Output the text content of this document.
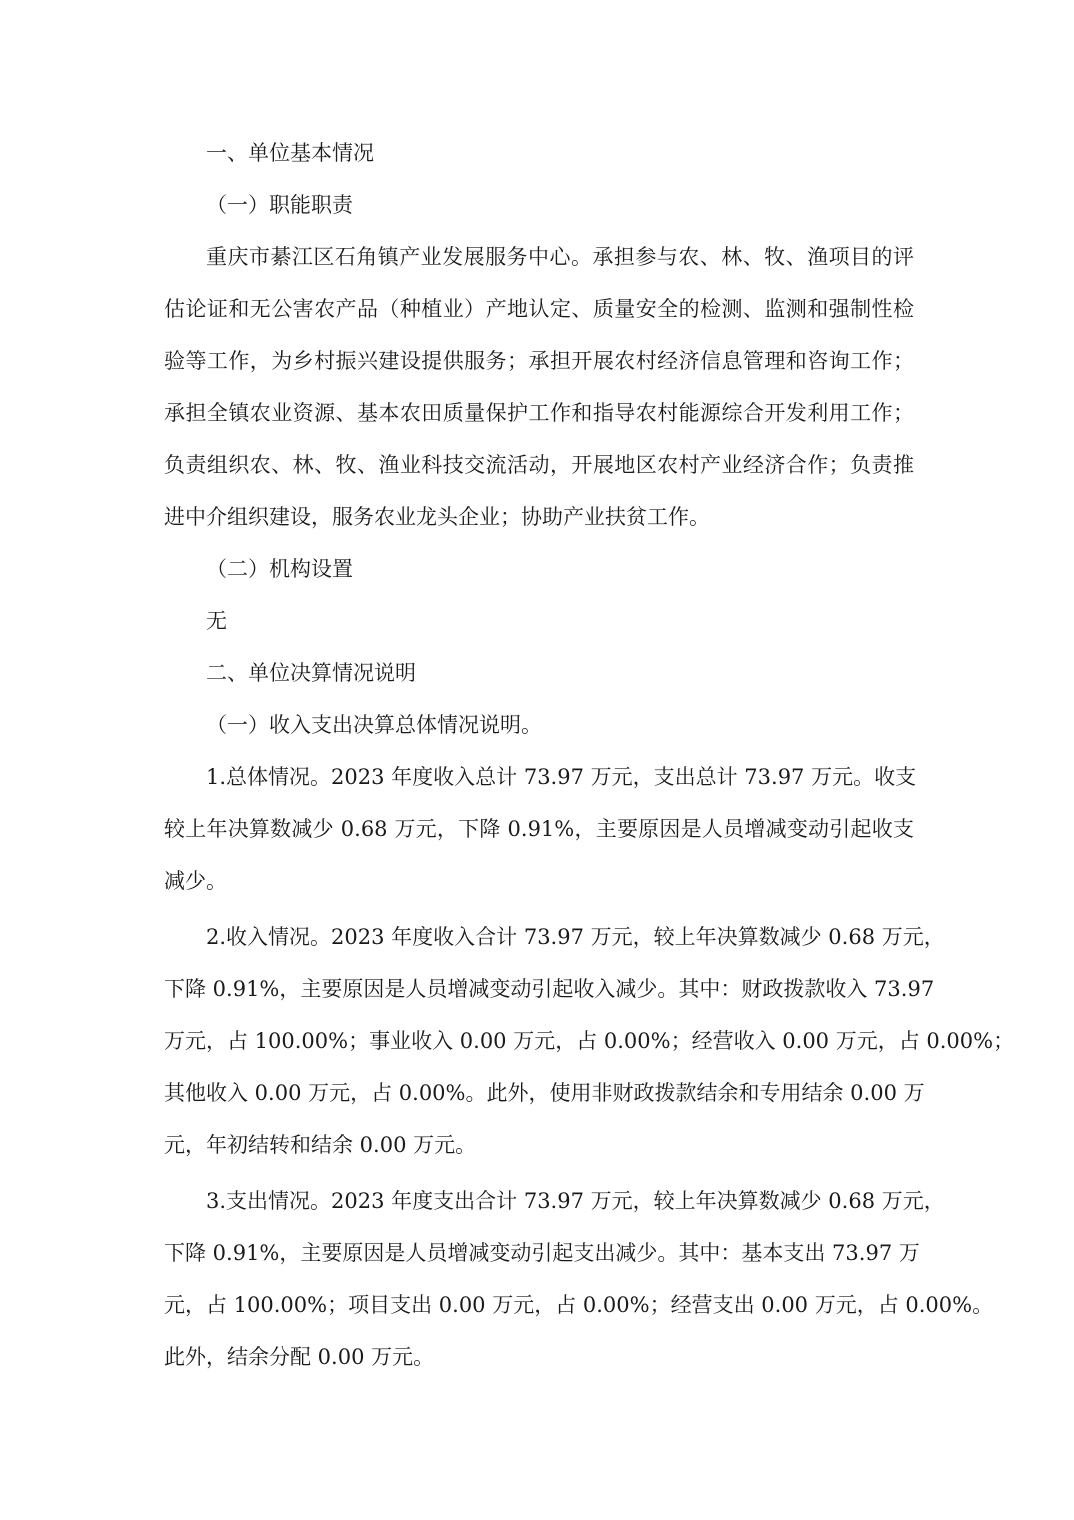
一、单位基本情况

（一）职能职责

重庆市綦江区石角镇产业发展服务中心。承担参与农、林、牧、渔项目的评

估论证和无公害农产品（种植业）产地认定、质量安全的检测、监测和强制性检

验等工作，为乡村振兴建设提供服务；承担开展农村经济信息管理和咨询工作；

承担全镇农业资源、基本农田质量保护工作和指导农村能源综合开发利用工作；

负责组织农、林、牧、渔业科技交流活动，开展地区农村产业经济合作；负责推

进中介组织建设，服务农业龙头企业；协助产业扶贫工作。

（二）机构设置

无

二、单位决算情况说明

（一）收入支出决算总体情况说明。

1.总体情况。2023 年度收入总计 73.97 万元，支出总计 73.97 万元。收支

较上年决算数减少 0.68 万元，下降 0.91%，主要原因是人员增减变动引起收支

减少。

2.收入情况。2023 年度收入合计 73.97 万元，较上年决算数减少 0.68 万元，

下降 0.91%，主要原因是人员增减变动引起收入减少。其中：财政拨款收入 73.97

万元，占 100.00%；事业收入 0.00 万元，占 0.00%；经营收入 0.00 万元，占 0.00%；

其他收入 0.00 万元，占 0.00%。此外，使用非财政拨款结余和专用结余 0.00 万

元，年初结转和结余 0.00 万元。

3.支出情况。2023 年度支出合计 73.97 万元，较上年决算数减少 0.68 万元，

下降 0.91%，主要原因是人员增减变动引起支出减少。其中：基本支出 73.97 万

元，占 100.00%；项目支出 0.00 万元，占 0.00%；经营支出 0.00 万元，占 0.00%。

此外，结余分配 0.00 万元。
